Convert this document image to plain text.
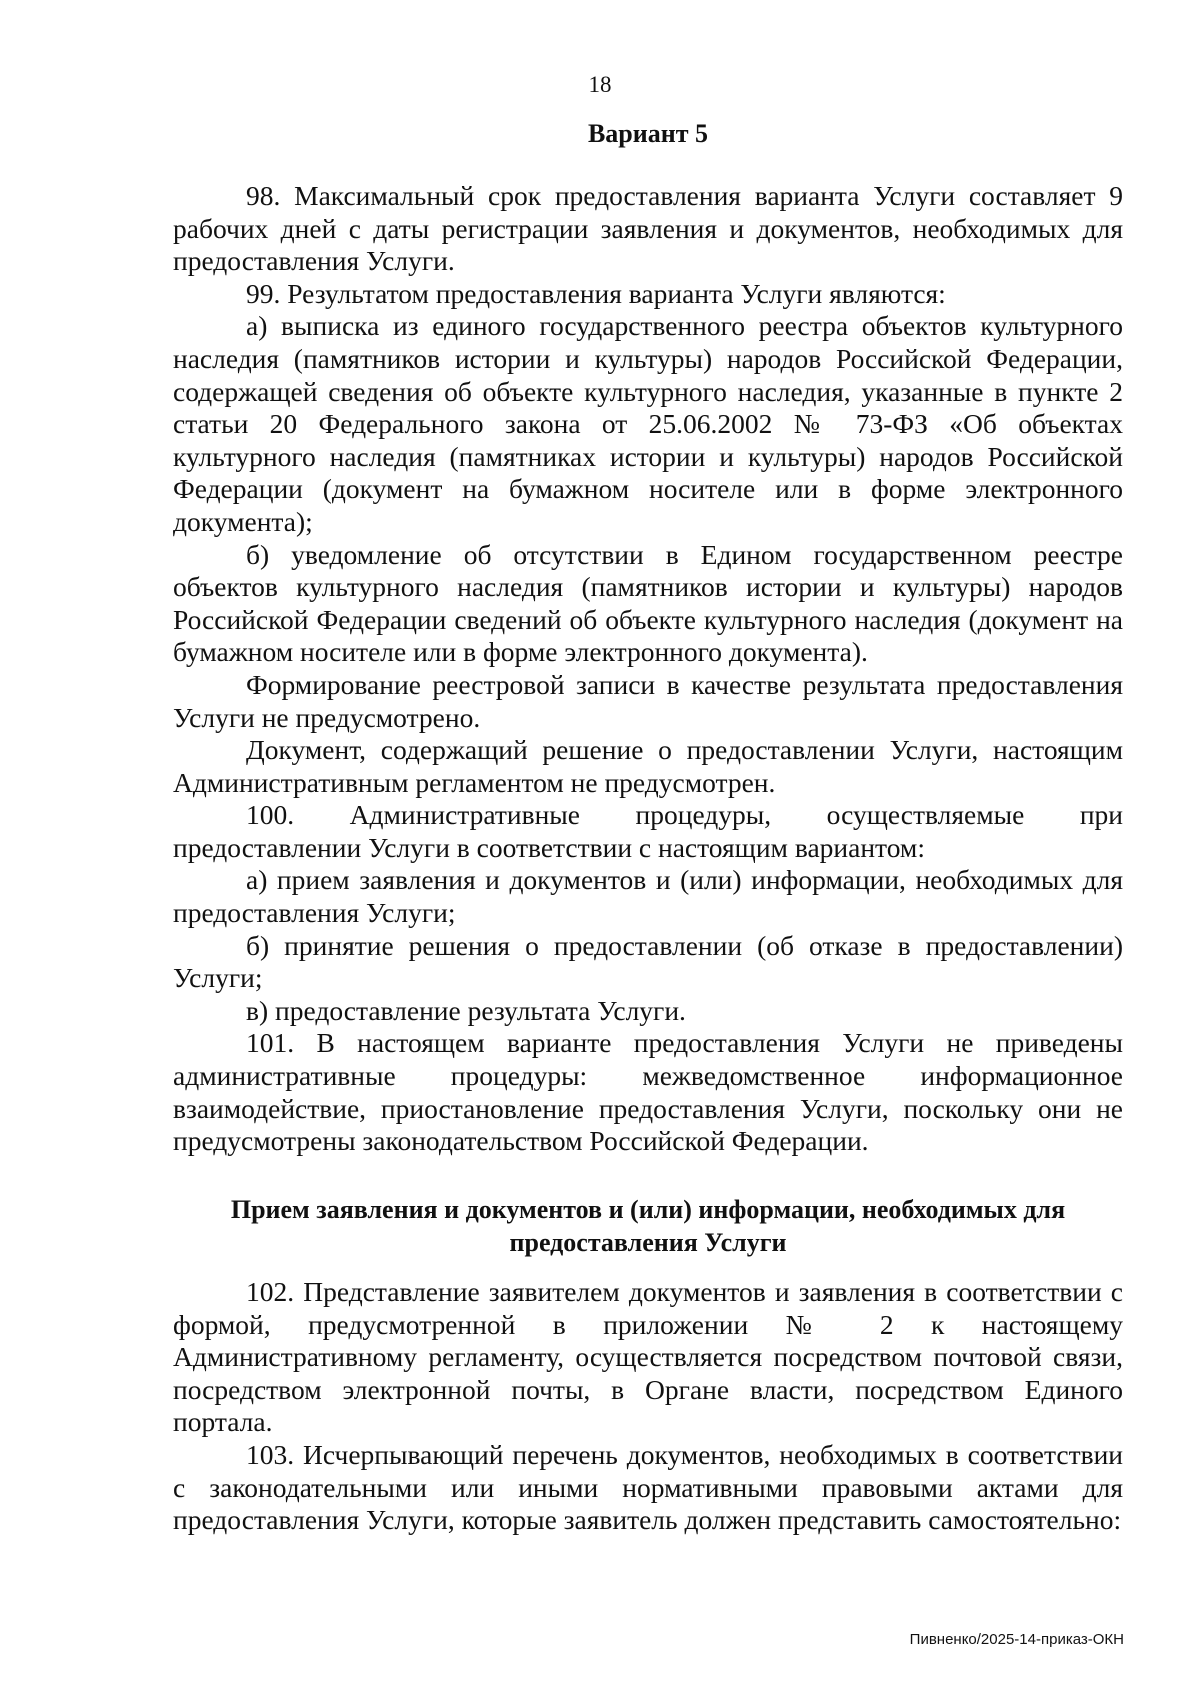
18
Вариант 5

98. Максимальный срок предоставления варианта Услуги составляет 9 рабочих дней с даты регистрации заявления и документов, необходимых для предоставления Услуги.

99. Результатом предоставления варианта Услуги являются:

а) выписка из единого государственного реестра объектов культурного наследия (памятников истории и культуры) народов Российской Федерации, содержащей сведения об объекте культурного наследия, указанные в пункте 2 статьи 20 Федерального закона от 25.06.2002 № 73-ФЗ «Об объектах культурного наследия (памятниках истории и культуры) народов Российской Федерации (документ на бумажном носителе или в форме электронного документа);

б) уведомление об отсутствии в Едином государственном реестре объектов культурного наследия (памятников истории и культуры) народов Российской Федерации сведений об объекте культурного наследия (документ на бумажном носителе или в форме электронного документа).

Формирование реестровой записи в качестве результата предоставления Услуги не предусмотрено.

Документ, содержащий решение о предоставлении Услуги, настоящим Административным регламентом не предусмотрен.

100. Административные процедуры, осуществляемые при предоставлении Услуги в соответствии с настоящим вариантом:

а) прием заявления и документов и (или) информации, необходимых для предоставления Услуги;

б) принятие решения о предоставлении (об отказе в предоставлении) Услуги;

в) предоставление результата Услуги.

101. В настоящем варианте предоставления Услуги не приведены административные процедуры: межведомственное информационное взаимодействие, приостановление предоставления Услуги, поскольку они не предусмотрены законодательством Российской Федерации.

Прием заявления и документов и (или) информации, необходимых для предоставления Услуги

102. Представление заявителем документов и заявления в соответствии с формой, предусмотренной в приложении № 2 к настоящему Административному регламенту, осуществляется посредством почтовой связи, посредством электронной почты, в Органе власти, посредством Единого портала.

103. Исчерпывающий перечень документов, необходимых в соответствии с законодательными или иными нормативными правовыми актами для предоставления Услуги, которые заявитель должен представить самостоятельно:

Пивненко/2025-14-приказ-ОКН
